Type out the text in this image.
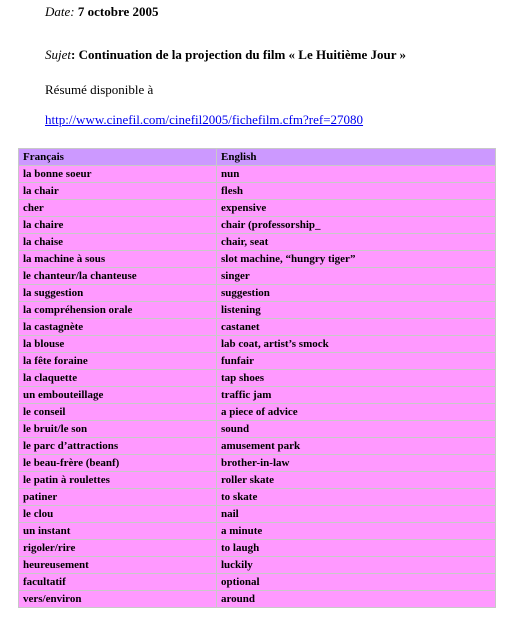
Date: 7 octobre 2005
Sujet: Continuation de la projection du film « Le Huitième Jour »
Résumé disponible à
http://www.cinefil.com/cinefil2005/fichefilm.cfm?ref=27080
Français	English
la bonne soeur	nun
la chair	flesh
cher	expensive
la chaire	chair (professorship_
la chaise	chair, seat
la machine à sous	slot machine, “hungry tiger”
le chanteur/la chanteuse	singer
la suggestion	suggestion
la compréhension orale	listening
la castagnète	castanet
la blouse	lab coat, artist’s smock
la fête foraine	funfair
la claquette	tap shoes
un embouteillage	traffic jam
le conseil	a piece of advice
le bruit/le son	sound
le parc d’attractions	amusement park
le beau-frère (beanf)	brother-in-law
le patin à roulettes	roller skate
patiner	to skate
le clou	nail
un instant	a minute
rigoler/rire	to laugh
heureusement	luckily
facultatif	optional
vers/environ	around
